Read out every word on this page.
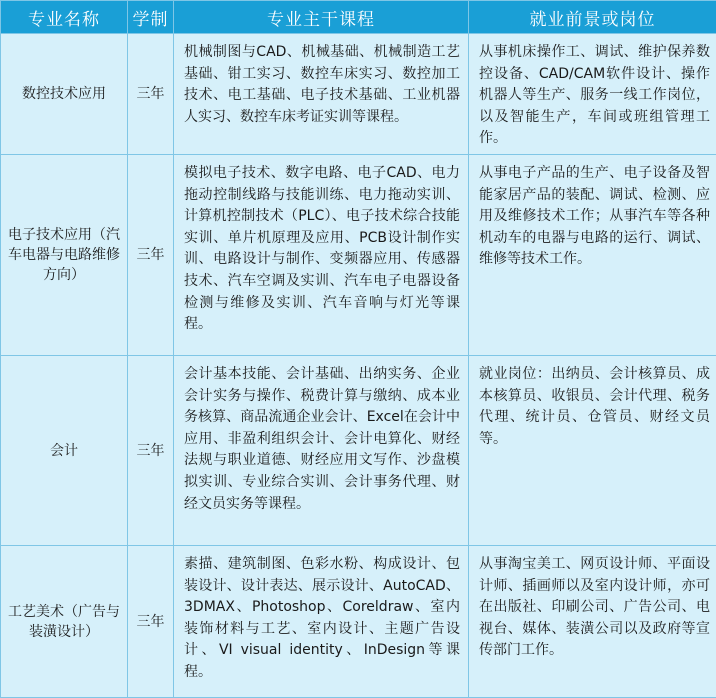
专业名称	学制	专业主干课程	就业前景或岗位
数控技术应用	三年	机械制图与CAD、机械基础、机械制造工艺基础、钳工实习、数控车床实习、数控加工技术、电工基础、电子技术基础、工业机器人实习、数控车床考证实训等课程。	从事机床操作工、调试、维护保养数控设备、CAD/CAM软件设计、操作机器人等生产、服务一线工作岗位，以及智能生产，车间或班组管理工作。
电子技术应用（汽车电器与电路维修方向）	三年	模拟电子技术、数字电路、电子CAD、电力拖动控制线路与技能训练、电力拖动实训、计算机控制技术（PLC）、电子技术综合技能实训、单片机原理及应用、PCB设计制作实训、电路设计与制作、变频器应用、传感器技术、汽车空调及实训、汽车电子电器设备检测与维修及实训、汽车音响与灯光等课程。	从事电子产品的生产、电子设备及智能家居产品的装配、调试、检测、应用及维修技术工作；从事汽车等各种机动车的电器与电路的运行、调试、维修等技术工作。
会计	三年	会计基本技能、会计基础、出纳实务、企业会计实务与操作、税费计算与缴纳、成本业务核算、商品流通企业会计、Excel在会计中应用、非盈利组织会计、会计电算化、财经法规与职业道德、财经应用文写作、沙盘模拟实训、专业综合实训、会计事务代理、财经文员实务等课程。	就业岗位：出纳员、会计核算员、成本核算员、收银员、会计代理、税务代理、统计员、仓管员、财经文员等。
工艺美术（广告与装潢设计）	三年	素描、建筑制图、色彩水粉、构成设计、包装设计、设计表达、展示设计、AutoCAD、3DMAX、Photoshop、Coreldraw、室内装饰材料与工艺、室内设计、主题广告设计、VI visual identity、InDesign等课程。	从事淘宝美工、网页设计师、平面设计师、插画师以及室内设计师，亦可在出版社、印刷公司、广告公司、电视台、媒体、装潢公司以及政府等宣传部门工作。
